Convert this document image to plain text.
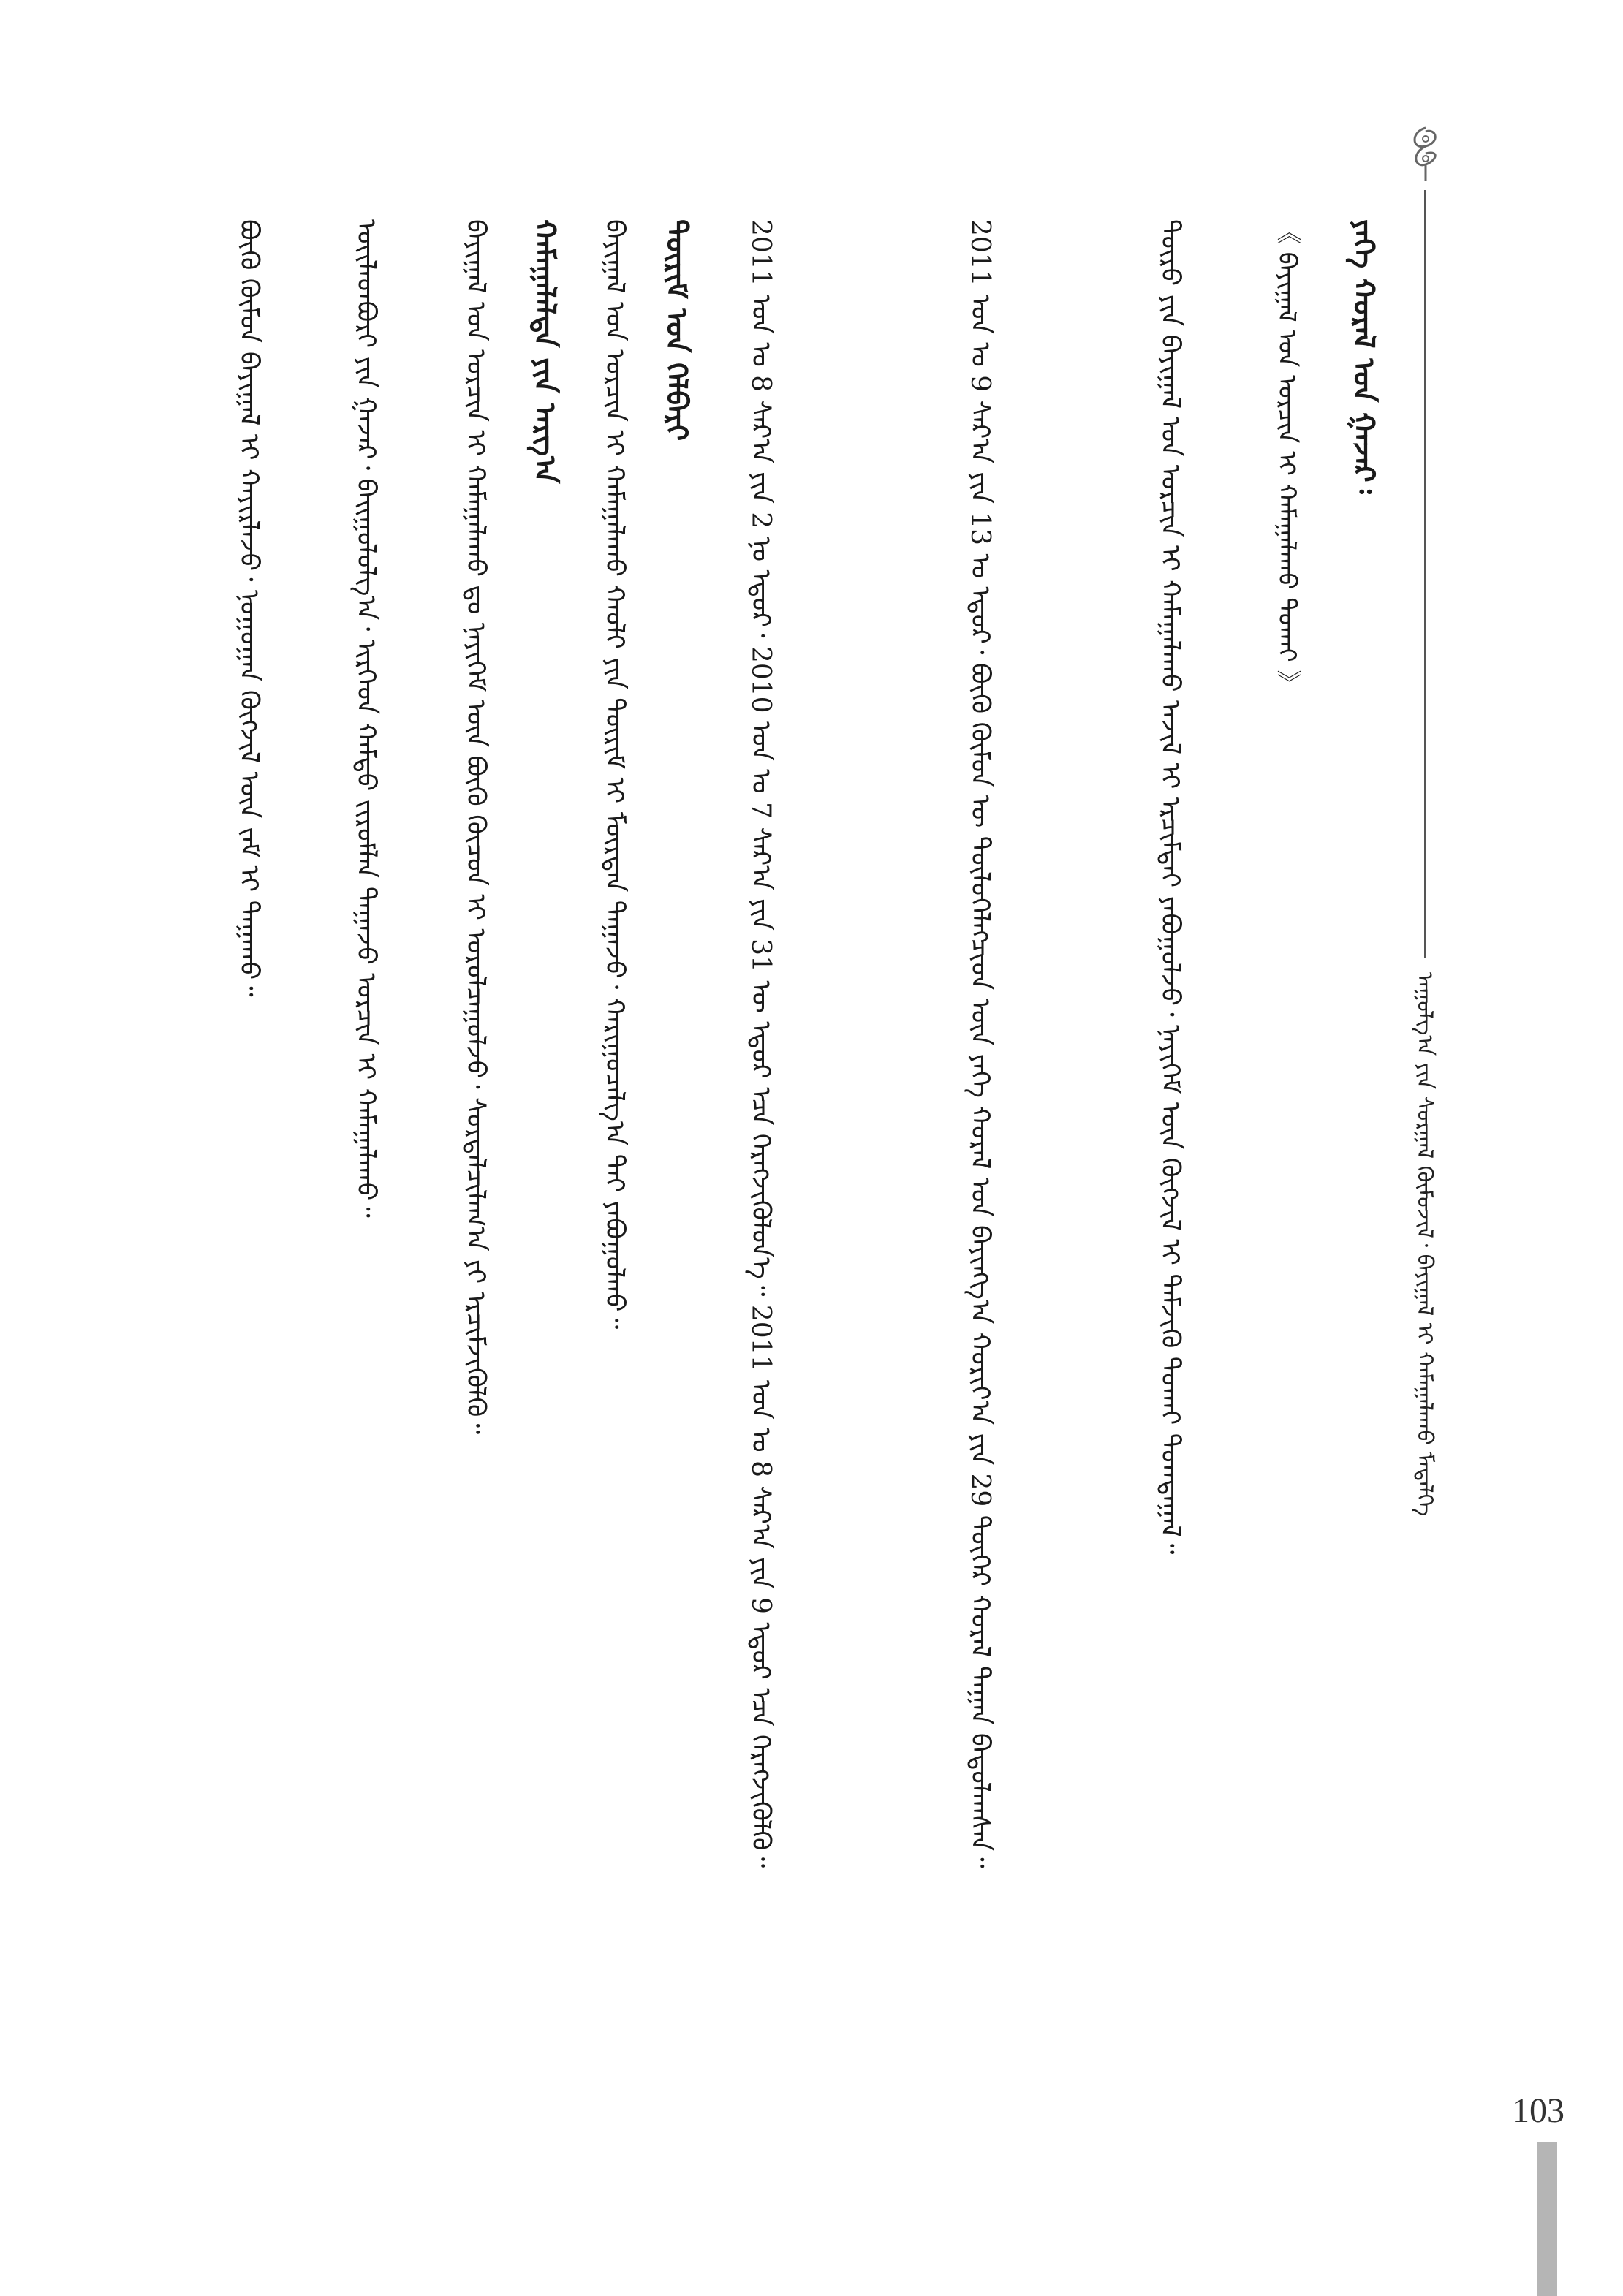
ᠠᠭᠤᠯᠭ᠎ᠠ ᠶᠢᠨ ᠰᠤᠷᠭᠠᠯ ᠬᠦᠮᠦᠵᠢᠯ᠂ ᠪᠠᠶᠢᠭᠠᠯ ᠢ ᠬᠠᠮᠠᠭᠠᠯᠠᠬᠤ ᠮᠡᠳᠡᠯᠭᠡ
ᠶᠡᠬᠡ ᠬᠤᠷᠠᠯ ᠤᠨ ᠭᠠᠵᠠᠷ᠄
《 ᠪᠠᠶᠢᠭᠠᠯ ᠤᠨ ᠣᠷᠴᠢᠨ ᠢ ᠬᠠᠮᠠᠭᠠᠯᠠᠬᠤ ᠲᠤᠬᠠᠢ 》
ᠲᠥᠷᠥ ᠶᠢᠨ ᠪᠠᠶᠢᠭᠠᠯ ᠤᠨ ᠣᠷᠴᠢᠨ ᠢ ᠬᠠᠮᠠᠭᠠᠯᠠᠬᠤ ᠠᠵᠢᠯ ᠢ ᠡᠷᠴᠢᠮᠳᠡᠢ ᠶᠠᠪᠤᠭᠤᠯᠵᠤ᠂ ᠨᠡᠶᠢᠭᠡᠮ ᠦᠨ ᠬᠥᠭᠵᠢᠯ ᠢ ᠳᠡᠮᠵᠢᠬᠦ ᠲᠤᠬᠠᠢ ᠲᠣᠭᠲᠠᠭᠠᠯ᠃
2011 ᠣᠨ ᠤ 9 ᠰᠠᠷ᠎ᠠ ᠶᠢᠨ 13 ᠤ ᠡᠳᠦᠷ᠂ ᠪᠦᠬᠦ ᠬᠦᠮᠦᠨ ᠦ ᠲᠥᠯᠦᠭᠡᠯᠡᠭᠴᠢᠳ ᠦᠨ ᠶᠡᠬᠡ ᠬᠤᠷᠠᠯ ᠤᠨ ᠪᠠᠶᠢᠩᠭ᠎ᠠ ᠬᠣᠷᠢᠶ᠎ᠠ ᠶᠢᠨ 29 ᠳᠦᠭᠡᠷ ᠬᠤᠷᠠᠯ ᠳᠠᠭᠠᠨ ᠪᠠᠲᠤᠯᠠᠭᠰᠠᠨ᠃
2011 ᠣᠨ ᠤ 8 ᠰᠠᠷ᠎ᠠ ᠶᠢᠨ 2 ᠨᠤ ᠡᠳᠦᠷ᠂ 2010 ᠣᠨ ᠤ 7 ᠰᠠᠷ᠎ᠠ ᠶᠢᠨ 31 ᠦ ᠡᠳᠦᠷ ᠡᠴᠡ ᠬᠡᠷᠡᠭᠵᠢᠭᠦᠯᠦᠨ᠎ᠡ᠃ 2011 ᠣᠨ ᠤ 8 ᠰᠠᠷ᠎ᠠ ᠶᠢᠨ 9 ᠡᠳᠦᠷ ᠡᠴᠡ ᠬᠡᠷᠡᠭᠵᠢᠭᠦᠯᠬᠦ᠃
ᠳᠦᠷᠢᠮ ᠤᠨ ᠬᠡᠯᠪᠡᠷᠢ
ᠪᠠᠶᠢᠭᠠᠯ ᠤᠨ ᠣᠷᠴᠢᠨ ᠢ ᠬᠠᠮᠠᠭᠠᠯᠠᠬᠤ ᠬᠠᠤᠯᠢ ᠶᠢᠨ ᠳᠦᠷᠢᠮ ᠢ ᠮᠥᠷᠳᠡᠨ ᠳᠠᠭᠠᠵᠤ᠂ ᠬᠠᠷᠢᠭᠤᠴᠠᠯᠭ᠎ᠠ ᠲᠠᠢ ᠶᠠᠪᠤᠭᠤᠯᠬᠤ᠃
ᠬᠠᠮᠠᠭᠠᠯᠠᠯᠲᠠ ᠶᠢᠨ ᠠᠷᠭ᠎ᠠ
ᠪᠠᠶᠢᠭᠠᠯ ᠤᠨ ᠣᠷᠴᠢᠨ ᠢ ᠬᠠᠮᠠᠭᠠᠯᠠᠬᠤ ᠳᠤ ᠨᠡᠶᠢᠭᠡᠮ ᠦᠨ ᠪᠦᠬᠦ ᠬᠦᠴᠦᠨ ᠢ ᠣᠷᠣᠯᠴᠠᠭᠤᠯᠵᠤ᠂ ᠰᠤᠷᠲᠠᠯᠴᠢᠯᠠᠭ᠎ᠠ ᠶᠢ ᠡᠷᠴᠢᠮᠵᠢᠭᠦᠯᠬᠦ᠃
ᠦᠢᠯᠡᠳᠪᠦᠷᠢ ᠶᠢᠨ ᠭᠠᠵᠠᠷ᠂ ᠪᠠᠢᠭᠤᠯᠤᠯᠭ᠎ᠠ᠂ ᠢᠷᠭᠡᠳ ᠬᠠᠮᠲᠤ ᠵᠢᠷᠤᠮᠯᠠᠨ ᠳᠠᠭᠠᠵᠤ ᠣᠷᠴᠢᠨ ᠢ ᠬᠠᠮᠠᠭᠠᠯᠠᠬᠤ᠃
ᠪᠦᠬᠦ ᠬᠦᠮᠦᠨ ᠪᠠᠶᠢᠭᠠᠯ ᠢ ᠬᠠᠶᠢᠷᠯᠠᠵᠤ᠂ ᠨᠣᠭᠤᠭᠠᠨ ᠬᠥᠭᠵᠢᠯ ᠦᠨ ᠵᠠᠮ ᠢ ᠳᠠᠭᠠᠬᠤ᠃
103
